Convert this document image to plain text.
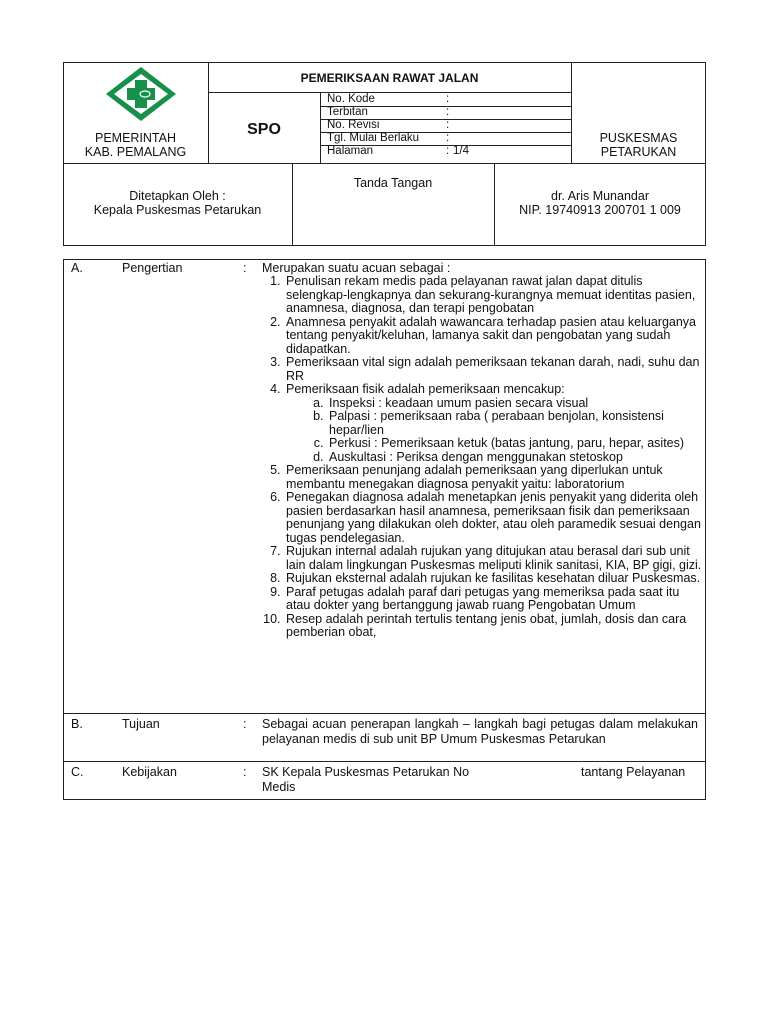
PEMERINTAH
KAB. PEMALANG
PEMERIKSAAN RAWAT JALAN
SPO
No. Kode	:
Terbitan	:
No. Revisi	:
Tgl. Mulai Berlaku :
Halaman	: 1/4
PUSKESMAS
PETARUKAN
Ditetapkan Oleh :
Kepala Puskesmas Petarukan
Tanda Tangan
dr. Aris Munandar
NIP. 19740913 200701 1 009
A.	Pengertian	: Merupakan suatu acuan sebagai :
1. Penulisan rekam medis pada pelayanan rawat jalan dapat ditulis selengkap-lengkapnya dan sekurang-kurangnya memuat identitas pasien, anamnesa, diagnosa, dan terapi pengobatan
2. Anamnesa penyakit adalah wawancara terhadap pasien atau keluarganya tentang penyakit/keluhan, lamanya sakit dan pengobatan yang sudah didapatkan.
3. Pemeriksaan vital sign adalah pemeriksaan tekanan darah, nadi, suhu dan RR
4. Pemeriksaan fisik adalah pemeriksaan mencakup:
a. Inspeksi : keadaan umum pasien secara visual
b. Palpasi : pemeriksaan raba ( perabaan benjolan, konsistensi hepar/lien
c. Perkusi : Pemeriksaan ketuk (batas jantung, paru, hepar, asites)
d. Auskultasi : Periksa dengan menggunakan stetoskop
5. Pemeriksaan penunjang adalah pemeriksaan yang diperlukan untuk membantu menegakan diagnosa penyakit yaitu: laboratorium
6. Penegakan diagnosa adalah menetapkan jenis penyakit yang diderita oleh pasien berdasarkan hasil anamnesa, pemeriksaan fisik dan pemeriksaan penunjang yang dilakukan oleh dokter, atau oleh paramedik sesuai dengan tugas pendelegasian.
7. Rujukan internal adalah rujukan yang ditujukan atau berasal dari sub unit lain dalam lingkungan Puskesmas meliputi klinik sanitasi, KIA, BP gigi, gizi.
8. Rujukan eksternal adalah rujukan ke fasilitas kesehatan diluar Puskesmas.
9. Paraf petugas adalah paraf dari petugas yang memeriksa pada saat itu atau dokter yang bertanggung jawab ruang Pengobatan Umum
10. Resep adalah perintah tertulis tentang jenis obat, jumlah, dosis dan cara pemberian obat,
B.	Tujuan	: Sebagai acuan penerapan langkah – langkah bagi petugas dalam melakukan pelayanan medis di sub unit BP Umum Puskesmas Petarukan
C.	Kebijakan	: SK Kepala Puskesmas Petarukan No	tantang Pelayanan
Medis
